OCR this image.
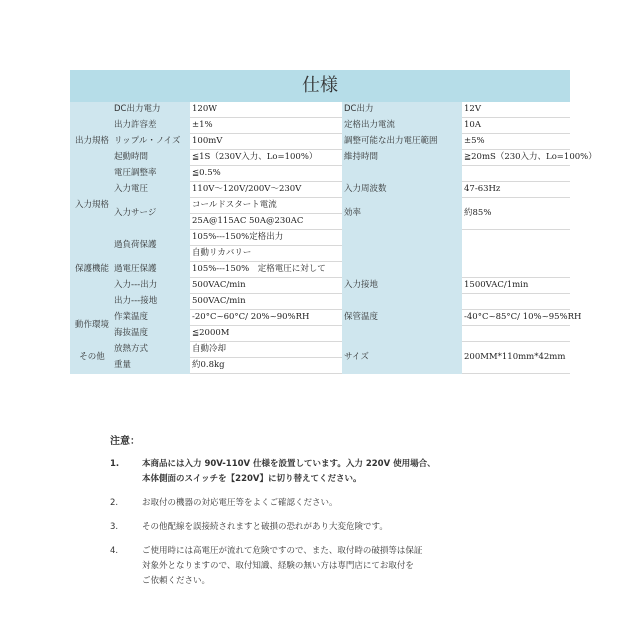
仕様
出力規格	DC出力電力	120W	DC出力	12V
	出力許容差	±1%	定格出力電流	10A
	リップル・ノイズ	100mV	調整可能な出力電圧範囲	±5%
	起動時間	≦1S（230V入力、Lo=100%）	維持時間	≧20mS（230入力、Lo=100%）
	電圧調整率	≦0.5%		
入力規格	入力電圧	110V～120V/200V～230V	入力周波数	47-63Hz
	入力サージ	コールドスタート電流	効率	約85%
		25A@115AC 50A@230AC		
保護機能	過負荷保護	105%---150%定格出力		
		自動リカバリー		
	過電圧保護	105%---150%　定格電圧に対して		
	入力---出力	500VAC/min	入力接地	1500VAC/1min
	出力---接地	500VAC/min		
動作環境	作業温度	-20°C~60°C/ 20%~90%RH	保管温度	-40°C~85°C/ 10%~95%RH
	海抜温度	≦2000M		
その他	放熱方式	自動冷却	サイズ	200MM*110mm*42mm
	重量	約0.8kg		
注意：
1.	本商品には入力 90V-110V 仕様を設置しています。入力 220V 使用場合、
本体側面のスイッチを【220V】に切り替えてください。
2.	お取付の機器の対応電圧等をよくご確認ください。
3.	その他配線を誤接続されますと破損の恐れがあり大変危険です。
4.	ご使用時には高電圧が流れて危険ですので、また、取付時の破損等は保証
対象外となりますので、取付知識、経験の無い方は専門店にてお取付を
ご依頼ください。
